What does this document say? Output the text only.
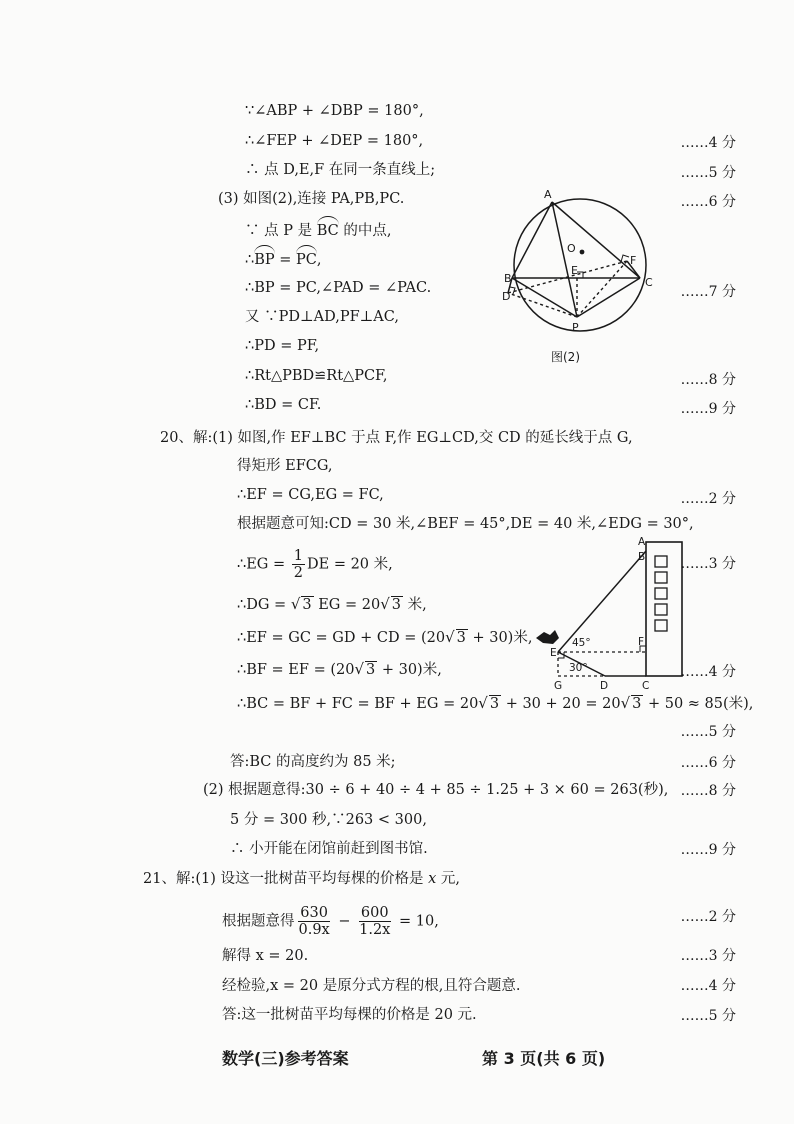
∵∠ABP + ∠DBP = 180°,
∴∠FEP + ∠DEP = 180°,	……4 分
∴ 点 D,E,F 在同一条直线上;	……5 分
(3) 如图(2),连接 PA,PB,PC.	……6 分
∵ 点 P 是 BC 的中点,
∴BP = PC,
∴BP = PC,∠PAD = ∠PAC.	……7 分
又 ∵PD⊥AD,PF⊥AC,
∴PD = PF,
∴Rt△PBD≌Rt△PCF,	……8 分
∴BD = CF.	……9 分
A
B	C
D
E
F
P
O
图(2)
20、解:(1) 如图,作 EF⊥BC 于点 F,作 EG⊥CD,交 CD 的延长线于点 G,
得矩形 EFCG,
∴EF = CG,EG = FC,	……2 分
根据题意可知:CD = 30 米,∠BEF = 45°,DE = 40 米,∠EDG = 30°,
∴EG = $\frac{1}{2}$ DE = 20 米,	……3 分
∴DG = √ 3 EG = 20√ 3 米,
∴EF = GC = GD + CD = (20√ 3 + 30)米,
∴BF = EF = (20√ 3 + 30)米,	……4 分
∴BC = BF + FC = BF + EG = 20√ 3 + 30 + 20 = 20√ 3 + 50 ≈ 85(米),
……5 分
答:BC 的高度约为 85 米;	……6 分
(2) 根据题意得:30 ÷ 6 + 40 ÷ 4 + 85 ÷ 1.25 + 3 × 60 = 263(秒), ……8 分
5 分 = 300 秒,∵263 < 300,
∴ 小开能在闭馆前赶到图书馆.	……9 分
A
B
C
D
E
F
G
45°
30°
21、解:(1) 设这一批树苗平均每棵的价格是 x 元,
根据题意得 $\frac{630}{0.9x} - \frac{600}{1.2x} = 10$,	……2 分
解得 x = 20.	……3 分
经检验,x = 20 是原分式方程的根,且符合题意.	……4 分
答:这一批树苗平均每棵的价格是 20 元.	……5 分
数学(三)参考答案	第 3 页(共 6 页)
